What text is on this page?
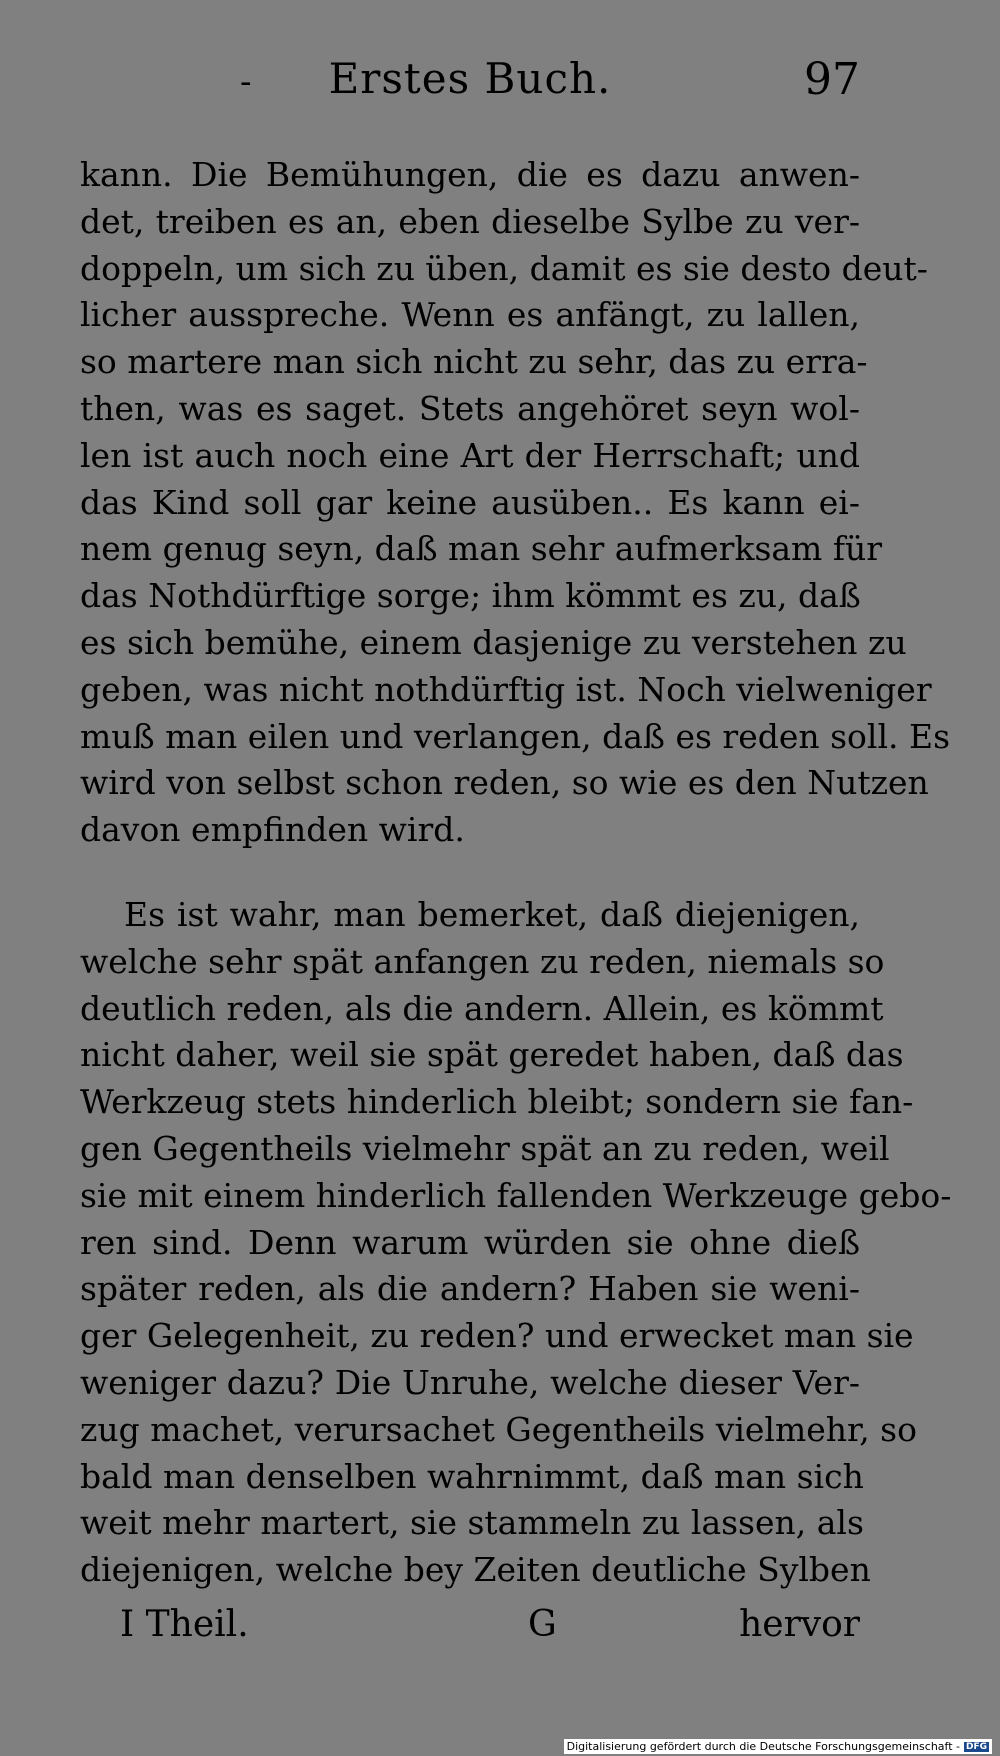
-	Erstes Buch.	97
kann. Die Bemühungen, die es dazu anwen-
det, treiben es an, eben dieselbe Sylbe zu ver-
doppeln, um sich zu üben, damit es sie desto deut-
licher ausspreche. Wenn es anfängt, zu lallen,
so martere man sich nicht zu sehr, das zu erra-
then, was es saget. Stets angehöret seyn wol-
len ist auch noch eine Art der Herrschaft; und
das Kind soll gar keine ausüben.. Es kann ei-
nem genug seyn, daß man sehr aufmerksam für
das Nothdürftige sorge; ihm kömmt es zu, daß
es sich bemühe, einem dasjenige zu verstehen zu
geben, was nicht nothdürftig ist. Noch vielweniger
muß man eilen und verlangen, daß es reden soll. Es
wird von selbst schon reden, so wie es den Nutzen
davon empfinden wird.
Es ist wahr, man bemerket, daß diejenigen,
welche sehr spät anfangen zu reden, niemals so
deutlich reden, als die andern. Allein, es kömmt
nicht daher, weil sie spät geredet haben, daß das
Werkzeug stets hinderlich bleibt; sondern sie fan-
gen Gegentheils vielmehr spät an zu reden, weil
sie mit einem hinderlich fallenden Werkzeuge gebo-
ren sind. Denn warum würden sie ohne dieß
später reden, als die andern? Haben sie weni-
ger Gelegenheit, zu reden? und erwecket man sie
weniger dazu? Die Unruhe, welche dieser Ver-
zug machet, verursachet Gegentheils vielmehr, so
bald man denselben wahrnimmt, daß man sich
weit mehr martert, sie stammeln zu lassen, als
diejenigen, welche bey Zeiten deutliche Sylben
I Theil.	G	hervor
Digitalisierung gefördert durch die Deutsche Forschungsgemeinschaft - DFG
